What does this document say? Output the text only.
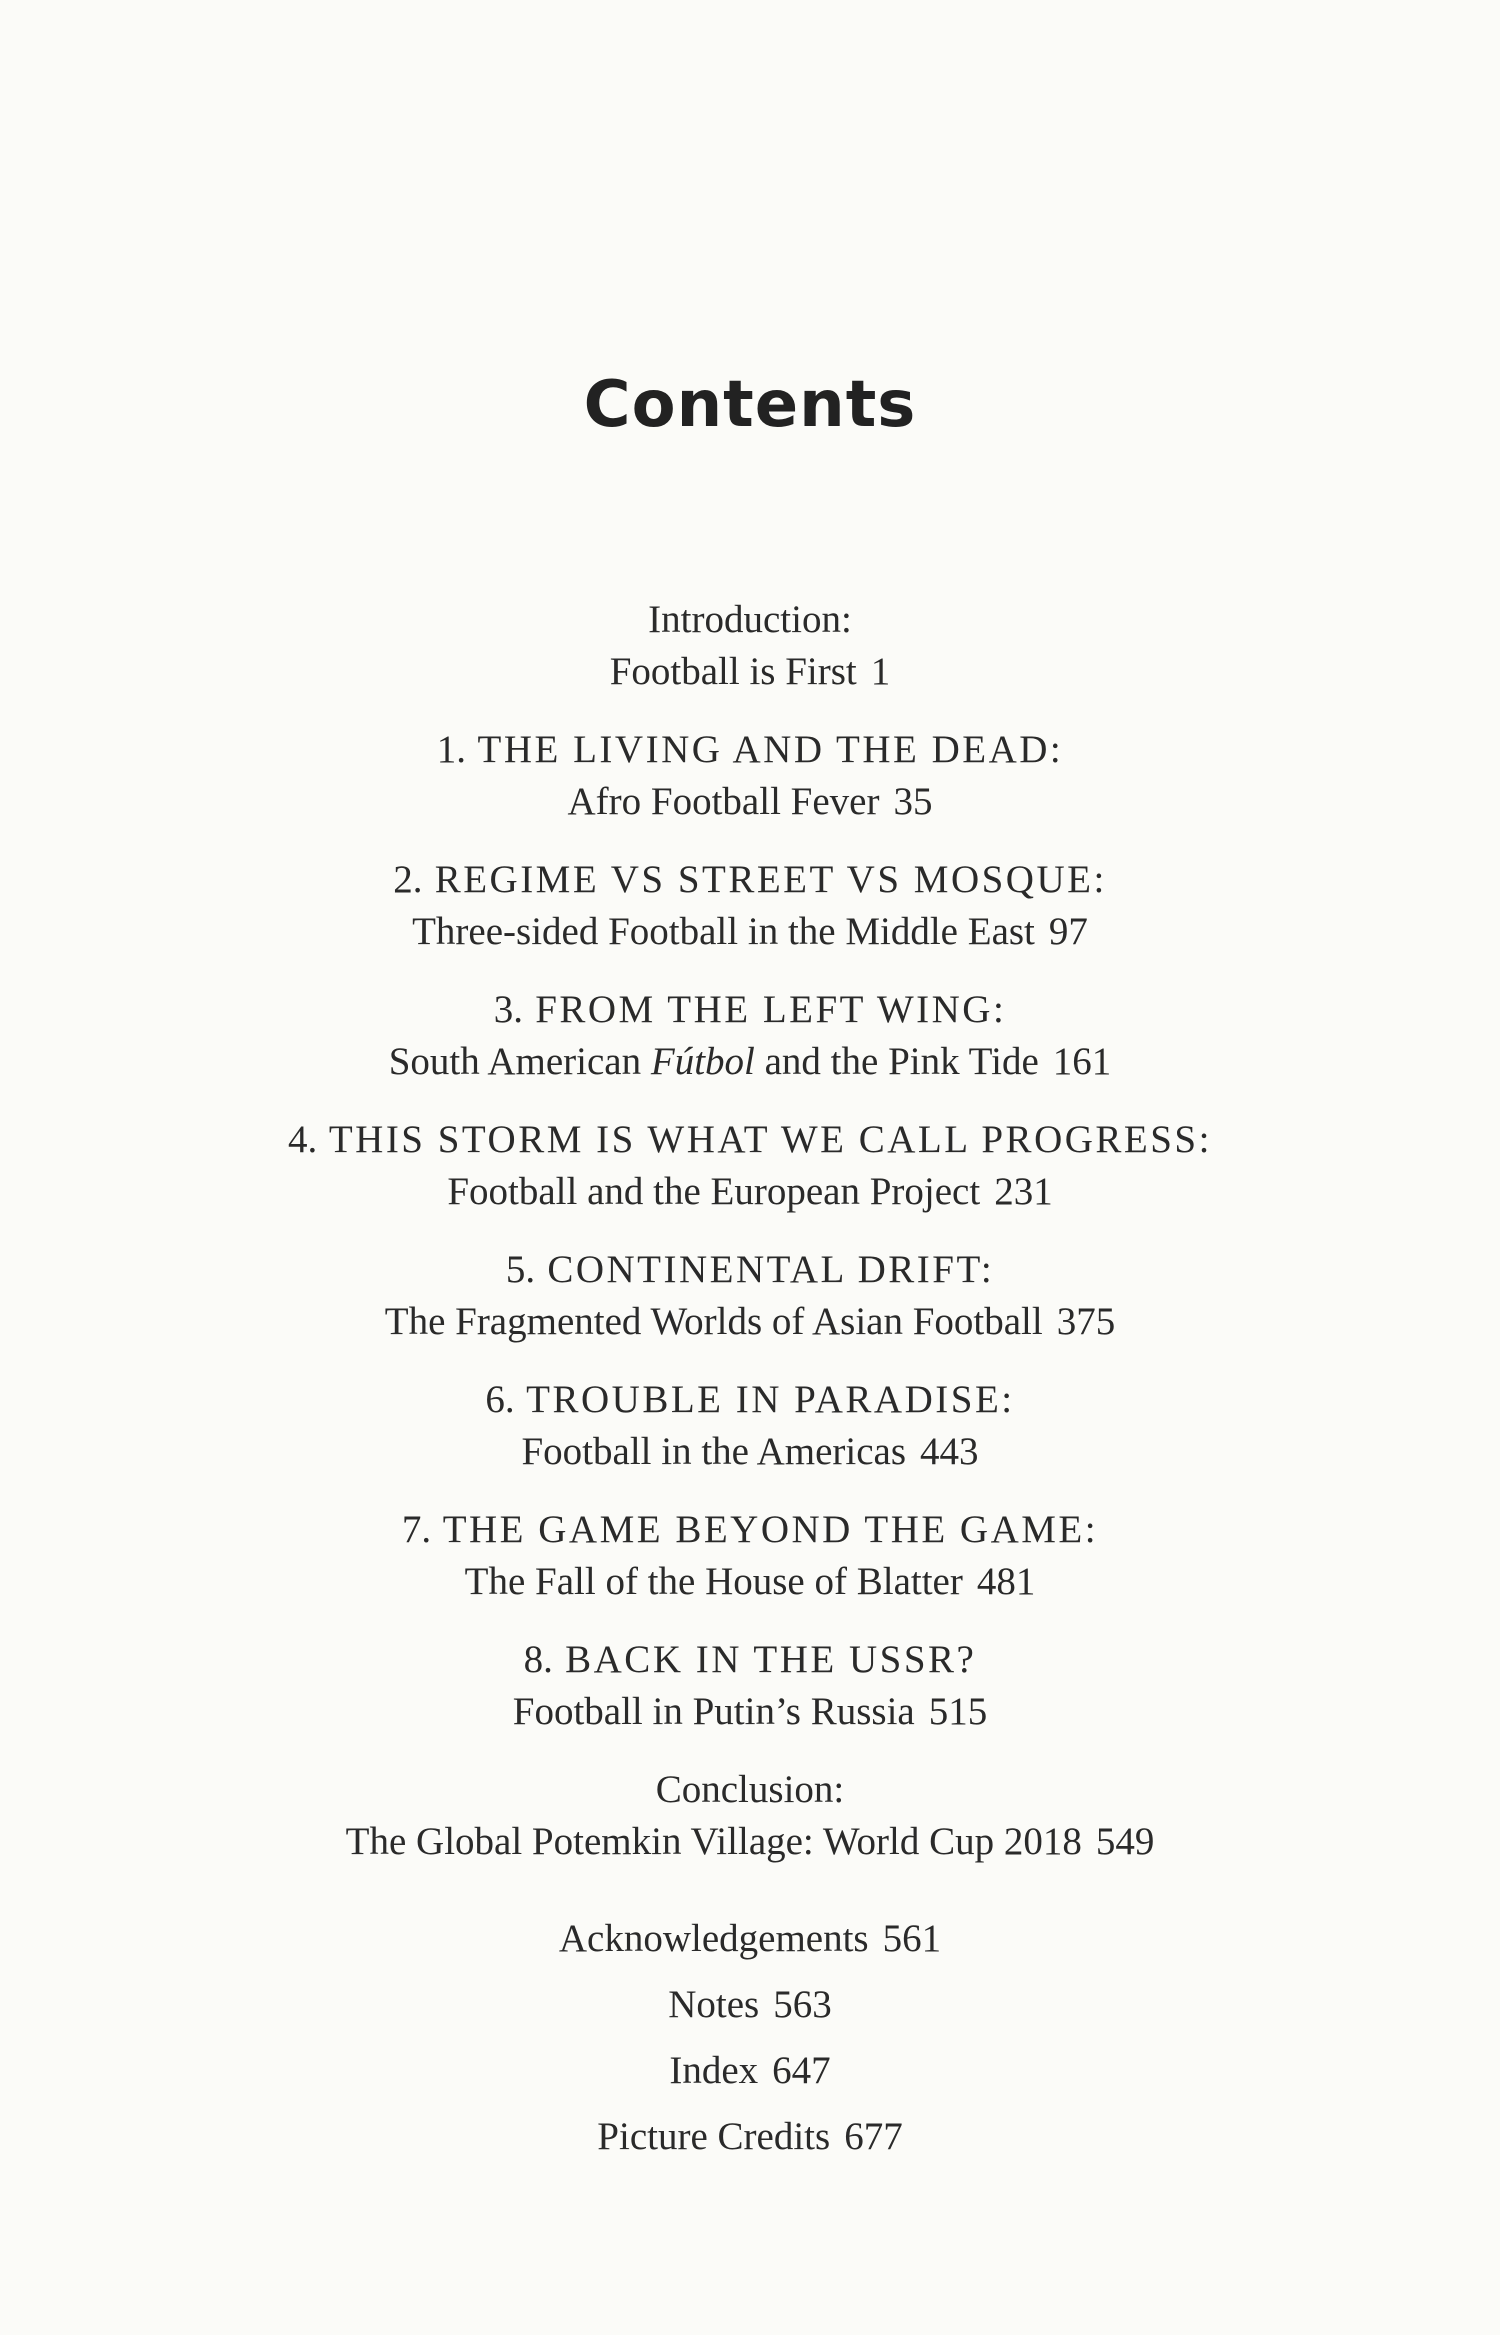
Contents
Introduction:
Football is First 1
1. THE LIVING AND THE DEAD:
Afro Football Fever 35
2. REGIME VS STREET VS MOSQUE:
Three-sided Football in the Middle East 97
3. FROM THE LEFT WING:
South American Fútbol and the Pink Tide 161
4. THIS STORM IS WHAT WE CALL PROGRESS:
Football and the European Project 231
5. CONTINENTAL DRIFT:
The Fragmented Worlds of Asian Football 375
6. TROUBLE IN PARADISE:
Football in the Americas 443
7. THE GAME BEYOND THE GAME:
The Fall of the House of Blatter 481
8. BACK IN THE USSR?
Football in Putin’s Russia 515
Conclusion:
The Global Potemkin Village: World Cup 2018 549
Acknowledgements 561
Notes 563
Index 647
Picture Credits 677
